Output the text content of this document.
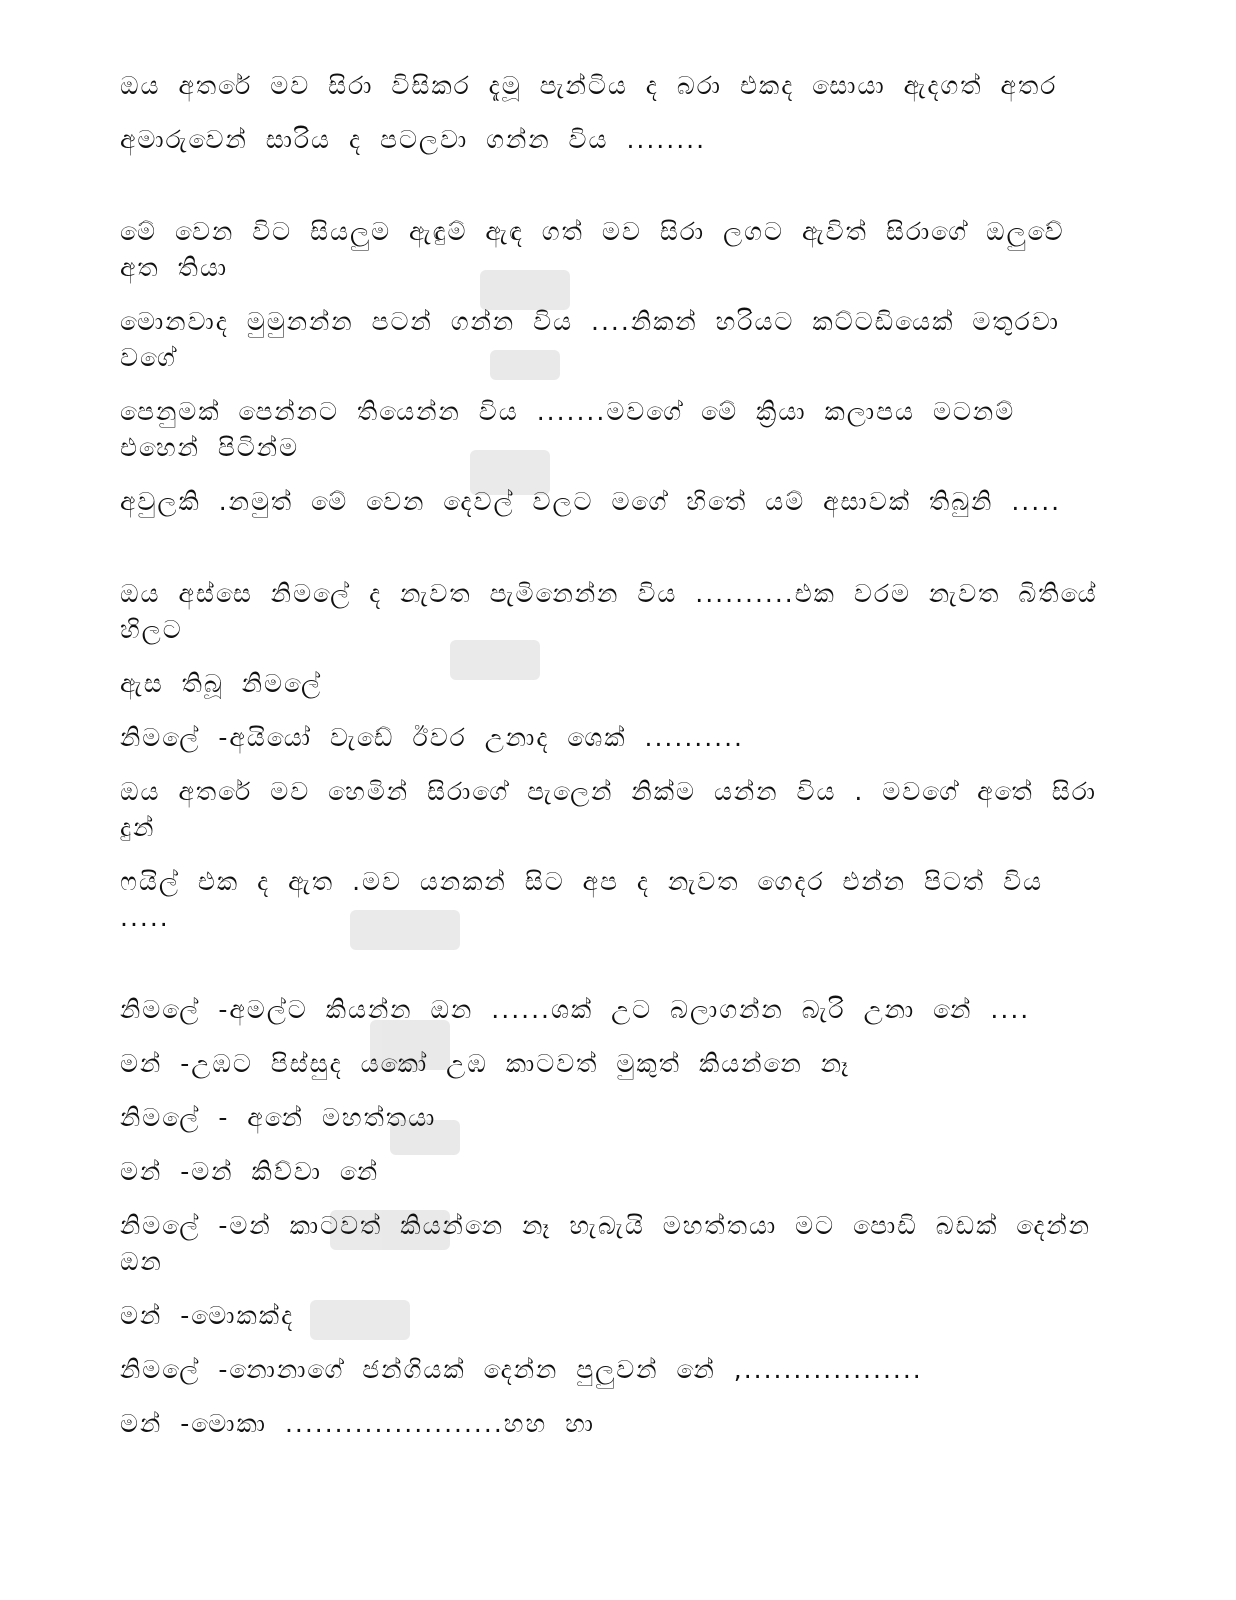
ඔය අතරේ මව සිරා විසිකර දැමූ පැන්ටිය ද බරා එකද සොයා ඇදගත් අතර

අමාරුවෙන් සාරිය ද පටලවා ගන්න විය ........

මේ වෙන විට සියලුම ඇඳුම් ඇඳ ගත් මව සිරා ලගට ඇවිත් සිරාගේ ඔලුවේ අත තියා

මොනවාද මුමුනන්න පටන් ගන්න විය ....නිකන් හරියට කට්ටඩියෙක් මතුරවා වගේ

පෙනුමක් පෙන්නට තියෙන්න විය .......මවගේ මේ ක්‍රියා කලාපය මටනම් එහෙන් පිටින්ම

අවුලකි .නමුත් මේ වෙන දෙවල් වලට මගේ හිතේ යම් අසාවක් තිබුනි .....

ඔය අස්සෙ නිමලේ ද නැවත පැමිනෙන්න විය ..........එක වරම නැවත බිතියේ හිලට

ඇස තිබූ නිමලේ

නිමලේ -අයියෝ වැඩේ ඊවර උනාද ශෙක් ..........

ඔය අතරේ මව හෙමින් සිරාගේ පැලෙන් නික්ම යන්න විය . මවගේ අතේ සිරා දුන්

ෆයිල් එක ද ඇත .මව යනකන් සිට අප ද නැවත ගෙදර එන්න පිටත් විය .....

නිමලේ -අමල්ට කියන්න ඔන ......ශක් උට බලාගන්න බැරි උනා නේ ....

මන් -උඹට පිස්සුද යකෝ උඹ කාටවත් මුකුත් කියන්නෙ නෑ

නිමලේ - අනේ මහත්තයා

මන් -මන් කිව්වා නේ

නිමලේ -මන් කාටවත් කියන්නෙ නෑ හැබැයි මහත්තයා මට පොඩි බඩක් දෙන්න ඔන

මන් -මොකක්ද

නිමලේ -නොනාගේ ජන්ගියක් දෙන්න පුලුවන් නේ ,..................

මන් -මොකා ......................හහ හා
